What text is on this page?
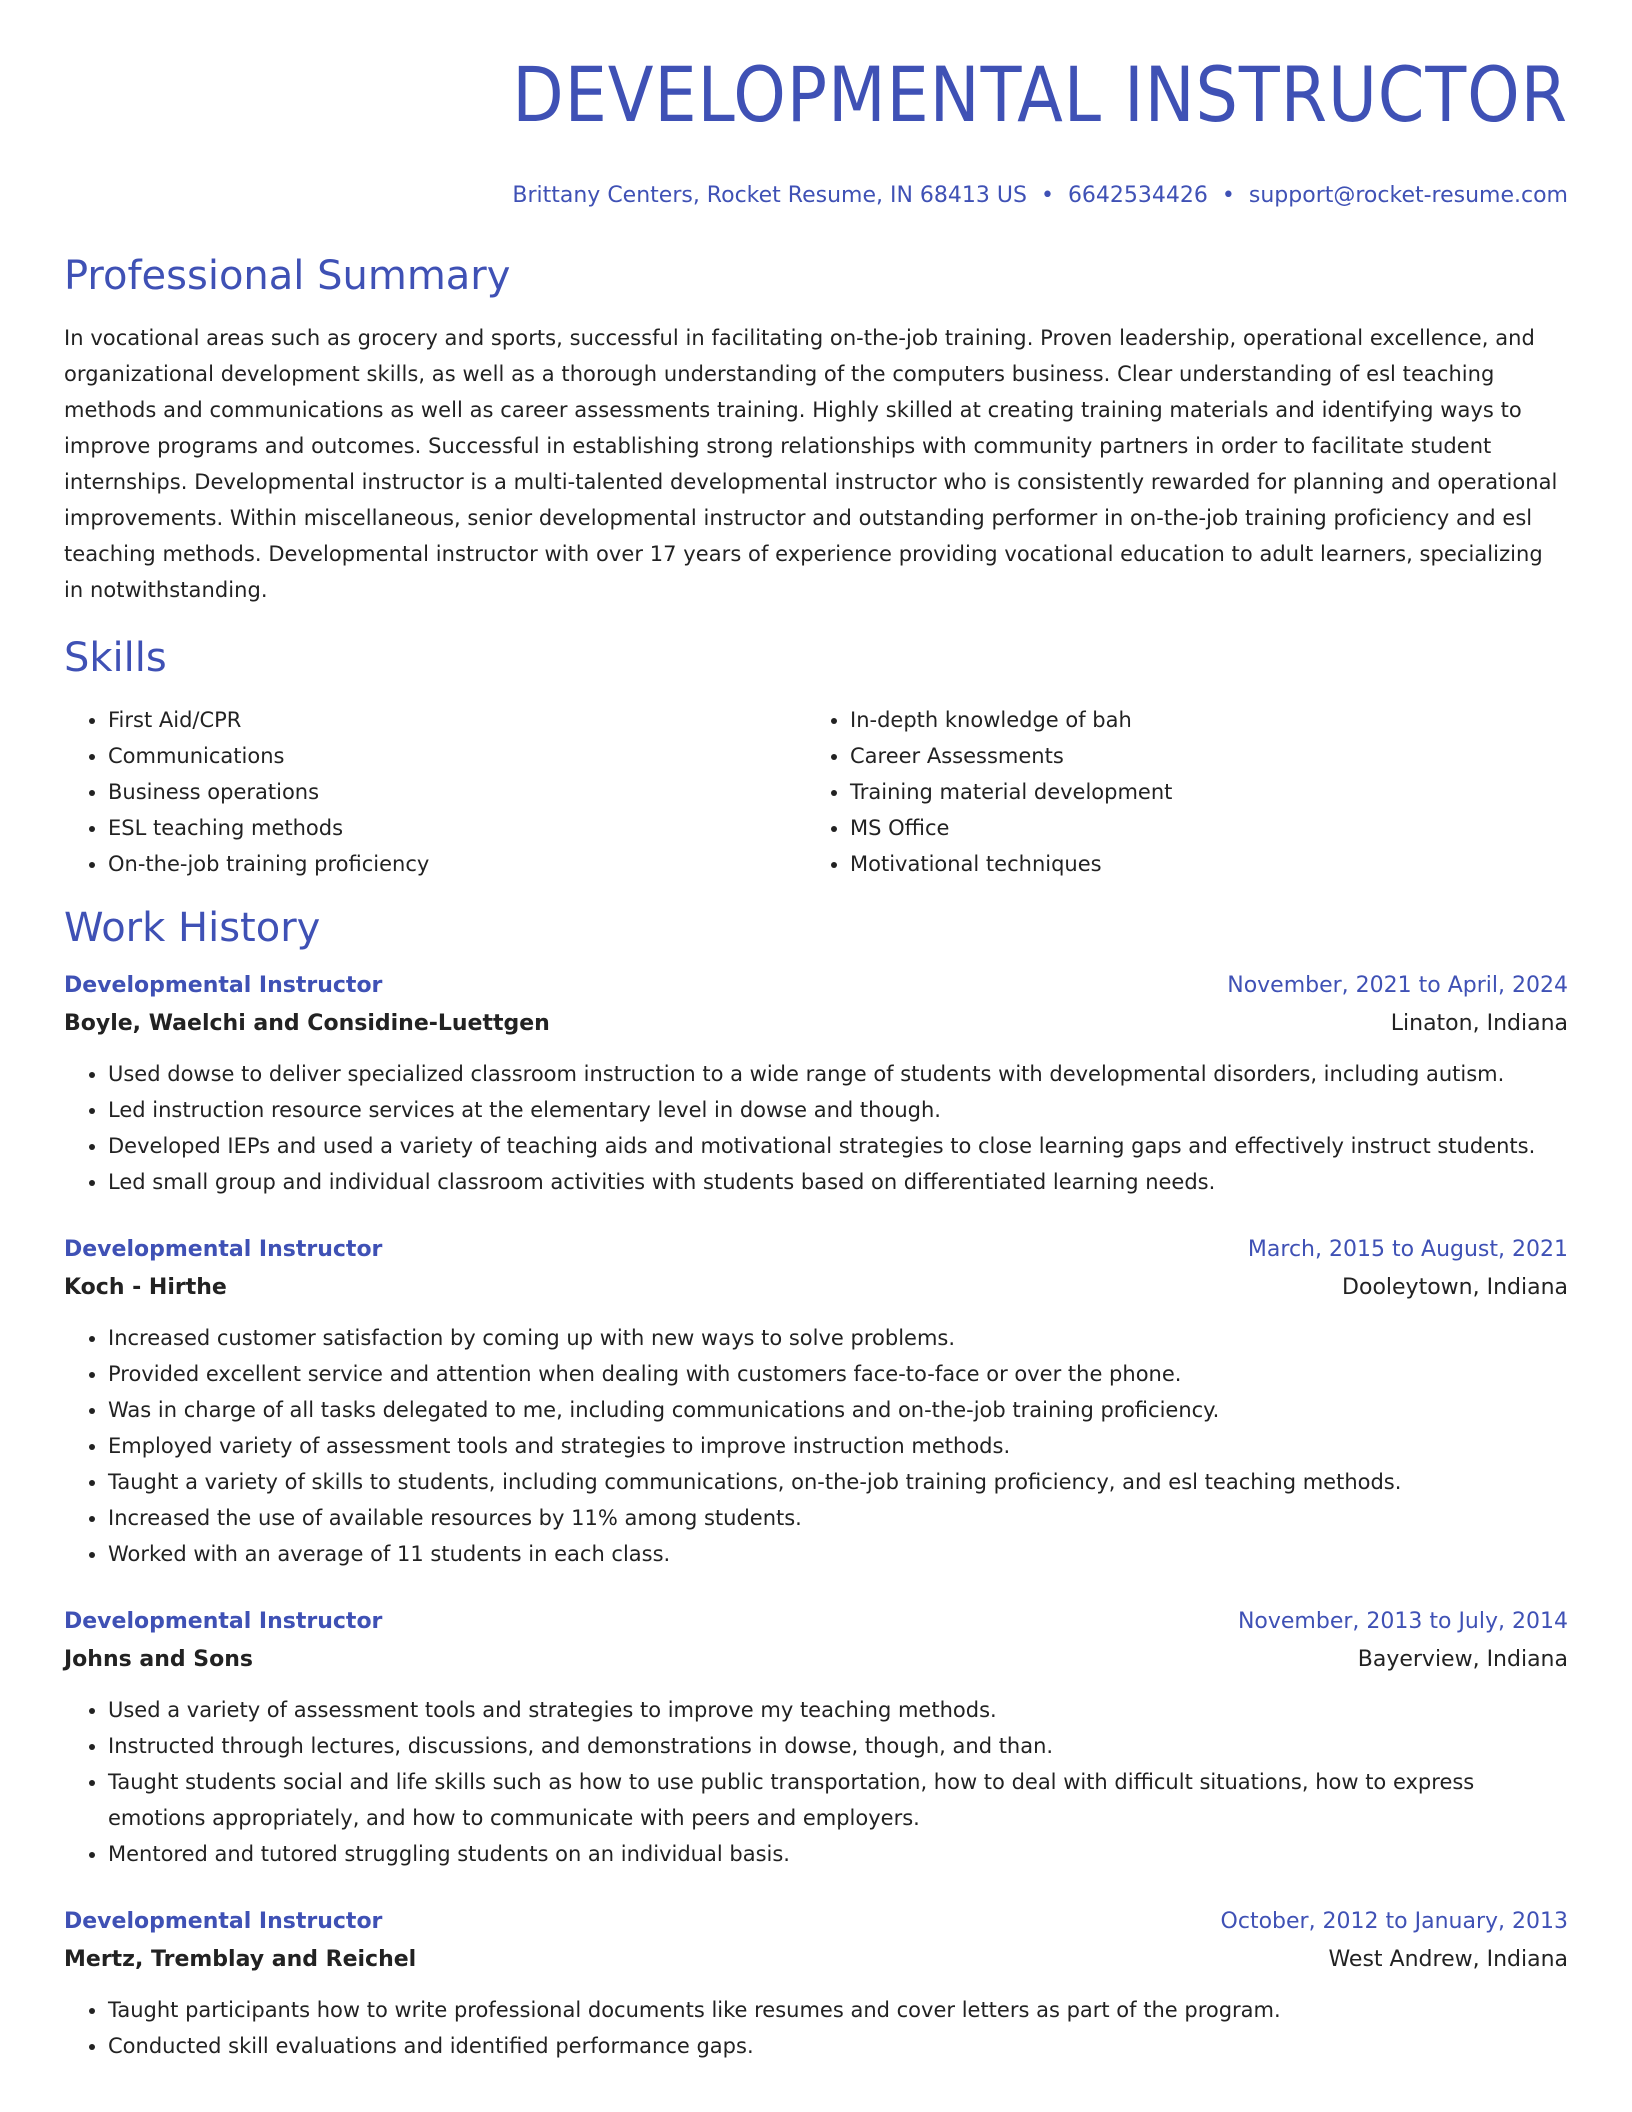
DEVELOPMENTAL INSTRUCTOR
Brittany Centers, Rocket Resume, IN 68413 US • 6642534426 • support@rocket-resume.com
Professional Summary
In vocational areas such as grocery and sports, successful in facilitating on-the-job training. Proven leadership, operational excellence, and organizational development skills, as well as a thorough understanding of the computers business. Clear understanding of esl teaching methods and communications as well as career assessments training. Highly skilled at creating training materials and identifying ways to improve programs and outcomes. Successful in establishing strong relationships with community partners in order to facilitate student internships. Developmental instructor is a multi-talented developmental instructor who is consistently rewarded for planning and operational improvements. Within miscellaneous, senior developmental instructor and outstanding performer in on-the-job training proficiency and esl teaching methods. Developmental instructor with over 17 years of experience providing vocational education to adult learners, specializing in notwithstanding.
Skills
• First Aid/CPR
• Communications
• Business operations
• ESL teaching methods
• On-the-job training proficiency
• In-depth knowledge of bah
• Career Assessments
• Training material development
• MS Office
• Motivational techniques
Work History
Developmental Instructor	November, 2021 to April, 2024
Boyle, Waelchi and Considine-Luettgen	Linaton, Indiana
• Used dowse to deliver specialized classroom instruction to a wide range of students with developmental disorders, including autism.
• Led instruction resource services at the elementary level in dowse and though.
• Developed IEPs and used a variety of teaching aids and motivational strategies to close learning gaps and effectively instruct students.
• Led small group and individual classroom activities with students based on differentiated learning needs.
Developmental Instructor	March, 2015 to August, 2021
Koch - Hirthe	Dooleytown, Indiana
• Increased customer satisfaction by coming up with new ways to solve problems.
• Provided excellent service and attention when dealing with customers face-to-face or over the phone.
• Was in charge of all tasks delegated to me, including communications and on-the-job training proficiency.
• Employed variety of assessment tools and strategies to improve instruction methods.
• Taught a variety of skills to students, including communications, on-the-job training proficiency, and esl teaching methods.
• Increased the use of available resources by 11% among students.
• Worked with an average of 11 students in each class.
Developmental Instructor	November, 2013 to July, 2014
Johns and Sons	Bayerview, Indiana
• Used a variety of assessment tools and strategies to improve my teaching methods.
• Instructed through lectures, discussions, and demonstrations in dowse, though, and than.
• Taught students social and life skills such as how to use public transportation, how to deal with difficult situations, how to express emotions appropriately, and how to communicate with peers and employers.
• Mentored and tutored struggling students on an individual basis.
Developmental Instructor	October, 2012 to January, 2013
Mertz, Tremblay and Reichel	West Andrew, Indiana
• Taught participants how to write professional documents like resumes and cover letters as part of the program.
• Conducted skill evaluations and identified performance gaps.
